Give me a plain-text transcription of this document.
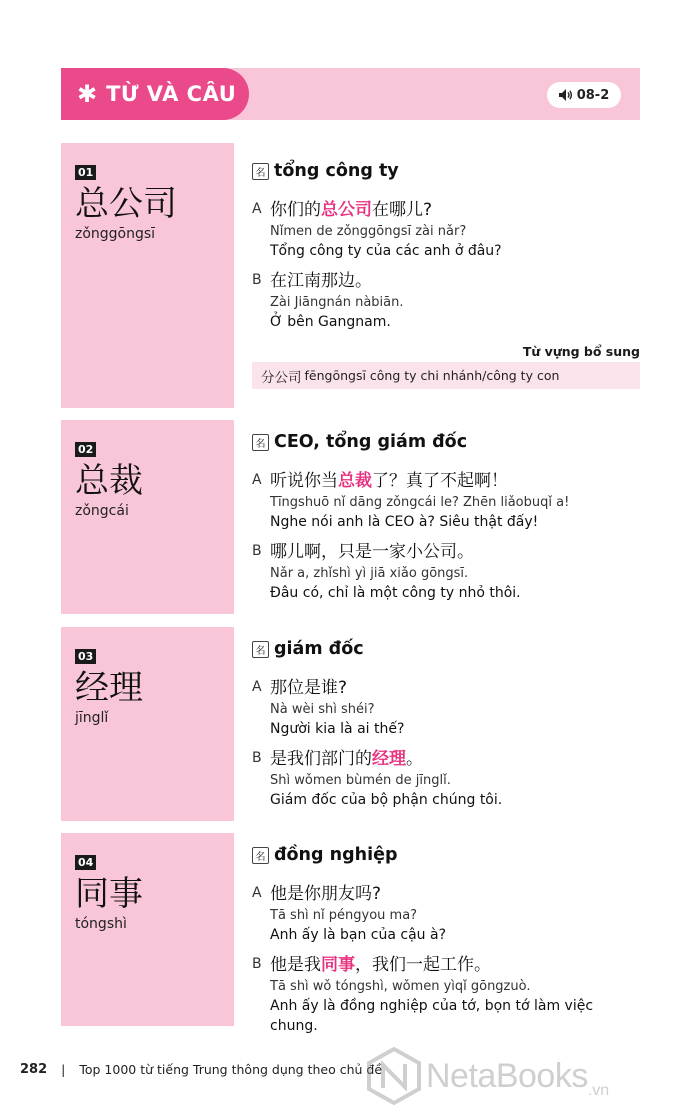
✱ TỪ VÀ CÂU	08-2
01
总公司
zǒnggōngsī
名 tổng công ty
A 你们的总公司在哪儿?
Nǐmen de zǒnggōngsī zài nǎr?
Tổng công ty của các anh ở đâu?
B 在江南那边。
Zài Jiāngnán nàbiān.
Ở bên Gangnam.
Từ vựng bổ sung
分公司 fēngōngsī công ty chi nhánh/công ty con
02
总裁
zǒngcái
名 CEO, tổng giám đốc
A 听说你当总裁了？真了不起啊！
Tīngshuō nǐ dāng zǒngcái le? Zhēn liǎobuqǐ a!
Nghe nói anh là CEO à? Siêu thật đấy!
B 哪儿啊，只是一家小公司。
Nǎr a, zhǐshì yì jiā xiǎo gōngsī.
Đâu có, chỉ là một công ty nhỏ thôi.
03
经理
jīnglǐ
名 giám đốc
A 那位是谁?
Nà wèi shì shéi?
Người kia là ai thế?
B 是我们部门的经理。
Shì wǒmen bùmén de jīnglǐ.
Giám đốc của bộ phận chúng tôi.
04
同事
tóngshì
名 đồng nghiệp
A 他是你朋友吗?
Tā shì nǐ péngyou ma?
Anh ấy là bạn của cậu à?
B 他是我同事，我们一起工作。
Tā shì wǒ tóngshì, wǒmen yìqǐ gōngzuò.
Anh ấy là đồng nghiệp của tớ, bọn tớ làm việc chung.
282 | Top 1000 từ tiếng Trung thông dụng theo chủ đề NetaBooks .vn
